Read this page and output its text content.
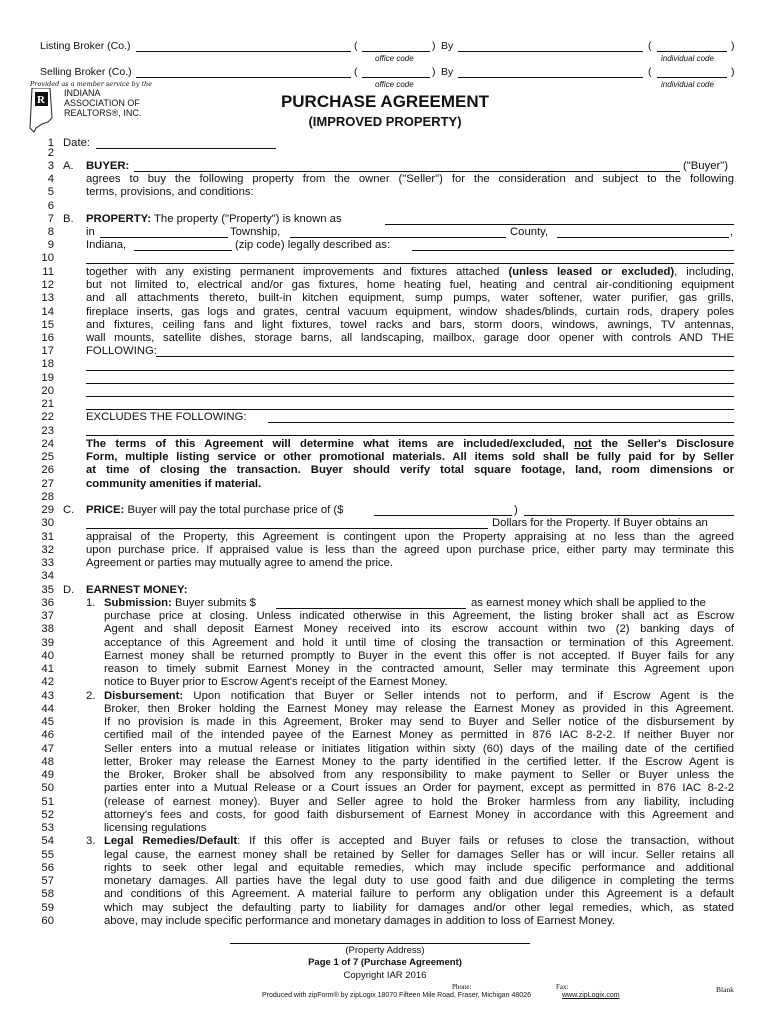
Listing Broker (Co.)	(	) By	(	)
office code	individual code
Selling Broker (Co.)	(	) By	(	)
office code	individual code
Provided as a member service by the
R
INDIANA
ASSOCIATION OF
REALTORS®, INC.
PURCHASE AGREEMENT
(IMPROVED PROPERTY)
1
2
3
4
5
6
7
8
9
10
11
12
13
14
15
16
17
18
19
20
21
22
23
24
25
26
27
28
29
30
31
32
33
34
35
36
37
38
39
40
41
42
43
44
45
46
47
48
49
50
51
52
53
54
55
56
57
58
59
60
Date:
A. BUYER:	("Buyer")
agrees to buy the following property from the owner ("Seller") for the consideration and subject to the following
terms, provisions, and conditions:
B. PROPERTY: The property ("Property") is known as
in	Township,	County,	,
Indiana,	(zip code) legally described as:
together with any existing permanent improvements and fixtures attached (unless leased or excluded), including,
but not limited to, electrical and/or gas fixtures, home heating fuel, heating and central air-conditioning equipment
and all attachments thereto, built-in kitchen equipment, sump pumps, water softener, water purifier, gas grills,
fireplace inserts, gas logs and grates, central vacuum equipment, window shades/blinds, curtain rods, drapery poles
and fixtures, ceiling fans and light fixtures, towel racks and bars, storm doors, windows, awnings, TV antennas,
wall mounts, satellite dishes, storage barns, all landscaping, mailbox, garage door opener with controls AND THE
FOLLOWING:
EXCLUDES THE FOLLOWING:
The terms of this Agreement will determine what items are included/excluded, not the Seller's Disclosure
Form, multiple listing service or other promotional materials. All items sold shall be fully paid for by Seller
at time of closing the transaction. Buyer should verify total square footage, land, room dimensions or
community amenities if material.
C. PRICE: Buyer will pay the total purchase price of ($	)
Dollars for the Property. If Buyer obtains an
appraisal of the Property, this Agreement is contingent upon the Property appraising at no less than the agreed
upon purchase price. If appraised value is less than the agreed upon purchase price, either party may terminate this
Agreement or parties may mutually agree to amend the price.
D. EARNEST MONEY:
1. Submission: Buyer submits $	as earnest money which shall be applied to the
purchase price at closing. Unless indicated otherwise in this Agreement, the listing broker shall act as Escrow
Agent and shall deposit Earnest Money received into its escrow account within two (2) banking days of
acceptance of this Agreement and hold it until time of closing the transaction or termination of this Agreement.
Earnest money shall be returned promptly to Buyer in the event this offer is not accepted. If Buyer fails for any
reason to timely submit Earnest Money in the contracted amount, Seller may terminate this Agreement upon
notice to Buyer prior to Escrow Agent's receipt of the Earnest Money.
2. Disbursement: Upon notification that Buyer or Seller intends not to perform, and if Escrow Agent is the
Broker, then Broker holding the Earnest Money may release the Earnest Money as provided in this Agreement.
If no provision is made in this Agreement, Broker may send to Buyer and Seller notice of the disbursement by
certified mail of the intended payee of the Earnest Money as permitted in 876 IAC 8-2-2. If neither Buyer nor
Seller enters into a mutual release or initiates litigation within sixty (60) days of the mailing date of the certified
letter, Broker may release the Earnest Money to the party identified in the certified letter. If the Escrow Agent is
the Broker, Broker shall be absolved from any responsibility to make payment to Seller or Buyer unless the
parties enter into a Mutual Release or a Court issues an Order for payment, except as permitted in 876 IAC 8-2-2
(release of earnest money). Buyer and Seller agree to hold the Broker harmless from any liability, including
attorney's fees and costs, for good faith disbursement of Earnest Money in accordance with this Agreement and
licensing regulations
3. Legal Remedies/Default: If this offer is accepted and Buyer fails or refuses to close the transaction, without
legal cause, the earnest money shall be retained by Seller for damages Seller has or will incur. Seller retains all
rights to seek other legal and equitable remedies, which may include specific performance and additional
monetary damages. All parties have the legal duty to use good faith and due diligence in completing the terms
and conditions of this Agreement. A material failure to perform any obligation under this Agreement is a default
which may subject the defaulting party to liability for damages and/or other legal remedies, which, as stated
above, may include specific performance and monetary damages in addition to loss of Earnest Money.
(Property Address)
Page 1 of 7 (Purchase Agreement)
Copyright IAR 2016
Phone:	Fax:	Blank
Produced with zipForm® by zipLogix 18070 Fifteen Mile Road, Fraser, Michigan 48026	www.zipLogix.com
